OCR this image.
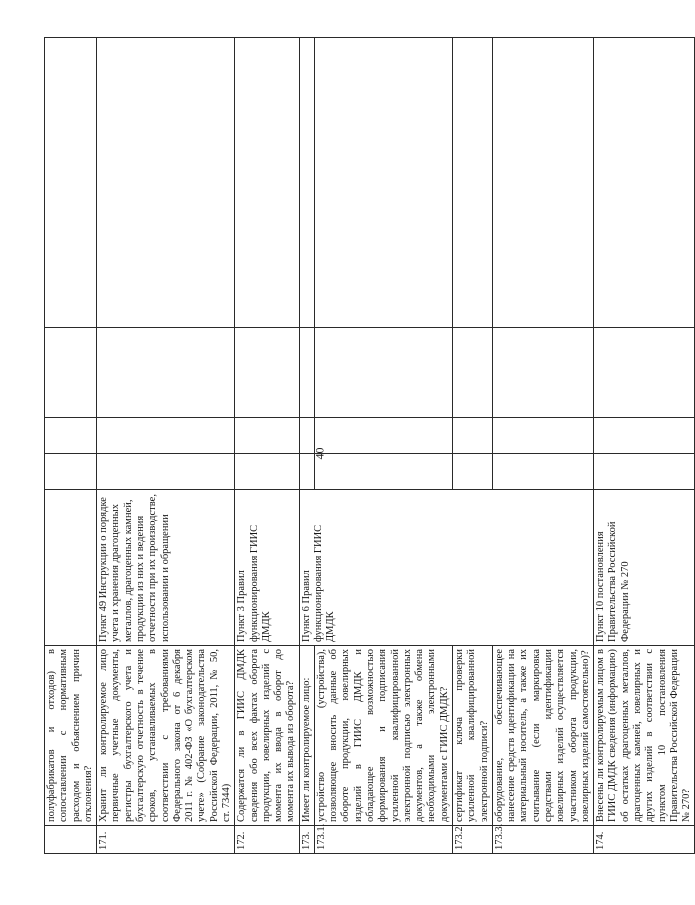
40
	полуфабрикатов и отходов) в сопоставлении с нормативным расходом и объяснением причин отклонения?					
171.	Хранит ли контролируемое лицо первичные учетные документы, регистры бухгалтерского учета и бухгалтерскую отчетность в течение сроков, устанавливаемых в соответствии с требованиями Федерального закона от 6 декабря 2011 г. № 402-ФЗ «О бухгалтерском учете» (Собрание законодательства Российской Федерации, 2011, № 50, ст. 7344)	Пункт 49 Инструкции о порядке учета и хранения драгоценных металлов, драгоценных камней, продукции из них и ведения отчетности при их производстве, использовании и обращении				
172.	Содержатся ли в ГИИС ДМДК сведения обо всех фактах оборота продукции, ювелирных изделий с момента их ввода в оборот до момента их вывода из оборота?	Пункт 3 Правил функционирования ГИИС ДМДК				
173.	Имеет ли контролируемое лицо:	Пункт 6 Правил функционирования ГИИС ДМДК				
173.1.	устройство (устройства), позволяющее вносить данные об обороте продукции, ювелирных изделий в ГИИС ДМДК и обладающее возможностью формирования и подписания усиленной квалифицированной электронной подписью электронных документов, а также обмена необходимыми электронными документами с ГИИС ДМДК?					
173.2	сертификат ключа проверки усиленной квалифицированной электронной подписи?					
173.3.	оборудование, обеспечивающее нанесение средств идентификации на материальный носитель, а также их считывание (если маркировка средствами идентификации ювелирных изделий осуществляется участником оборота продукции, ювелирных изделий самостоятельно)?					
174.	Внесены ли контролируемым лицом в ГИИС ДМДК сведения (информацию) об остатках драгоценных металлов, драгоценных камней, ювелирных и других изделий в соответствии с пунктом 10 постановления Правительства Российской Федерации № 270?	Пункт 10 постановления Правительства Российской Федерации № 270				
